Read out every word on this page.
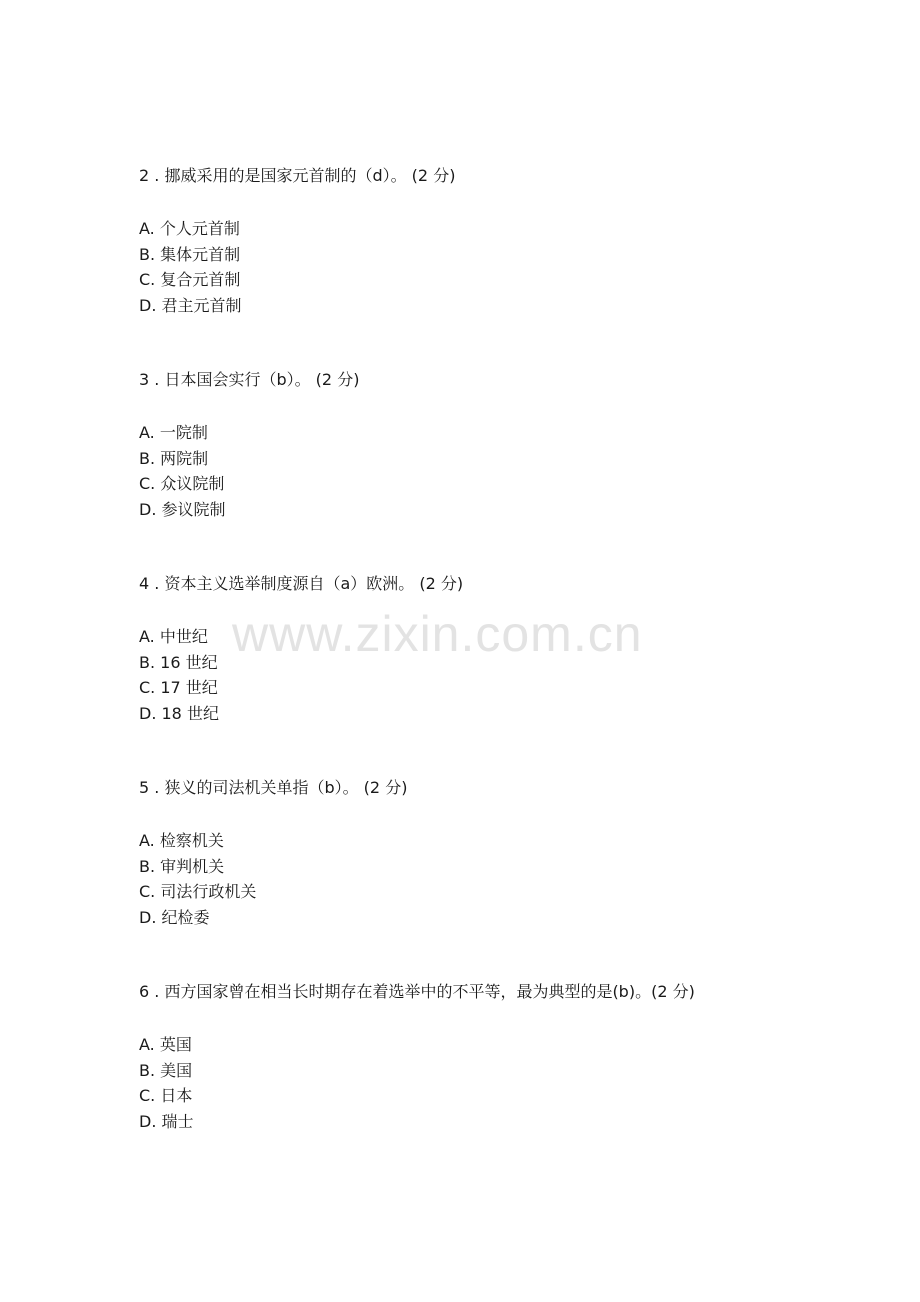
www.zixin.com.cn

2 . 挪威采用的是国家元首制的（d）。 (2 分)

A. 个人元首制
B. 集体元首制
C. 复合元首制
D. 君主元首制

3 . 日本国会实行（b）。 (2 分)

A. 一院制
B. 两院制
C. 众议院制
D. 参议院制

4 . 资本主义选举制度源自（a）欧洲。 (2 分)

A. 中世纪
B. 16 世纪
C. 17 世纪
D. 18 世纪

5 . 狭义的司法机关单指（b）。 (2 分)

A. 检察机关
B. 审判机关
C. 司法行政机关
D. 纪检委

6 . 西方国家曾在相当长时期存在着选举中的不平等，最为典型的是(b)。(2 分)

A. 英国
B. 美国
C. 日本
D. 瑞士
